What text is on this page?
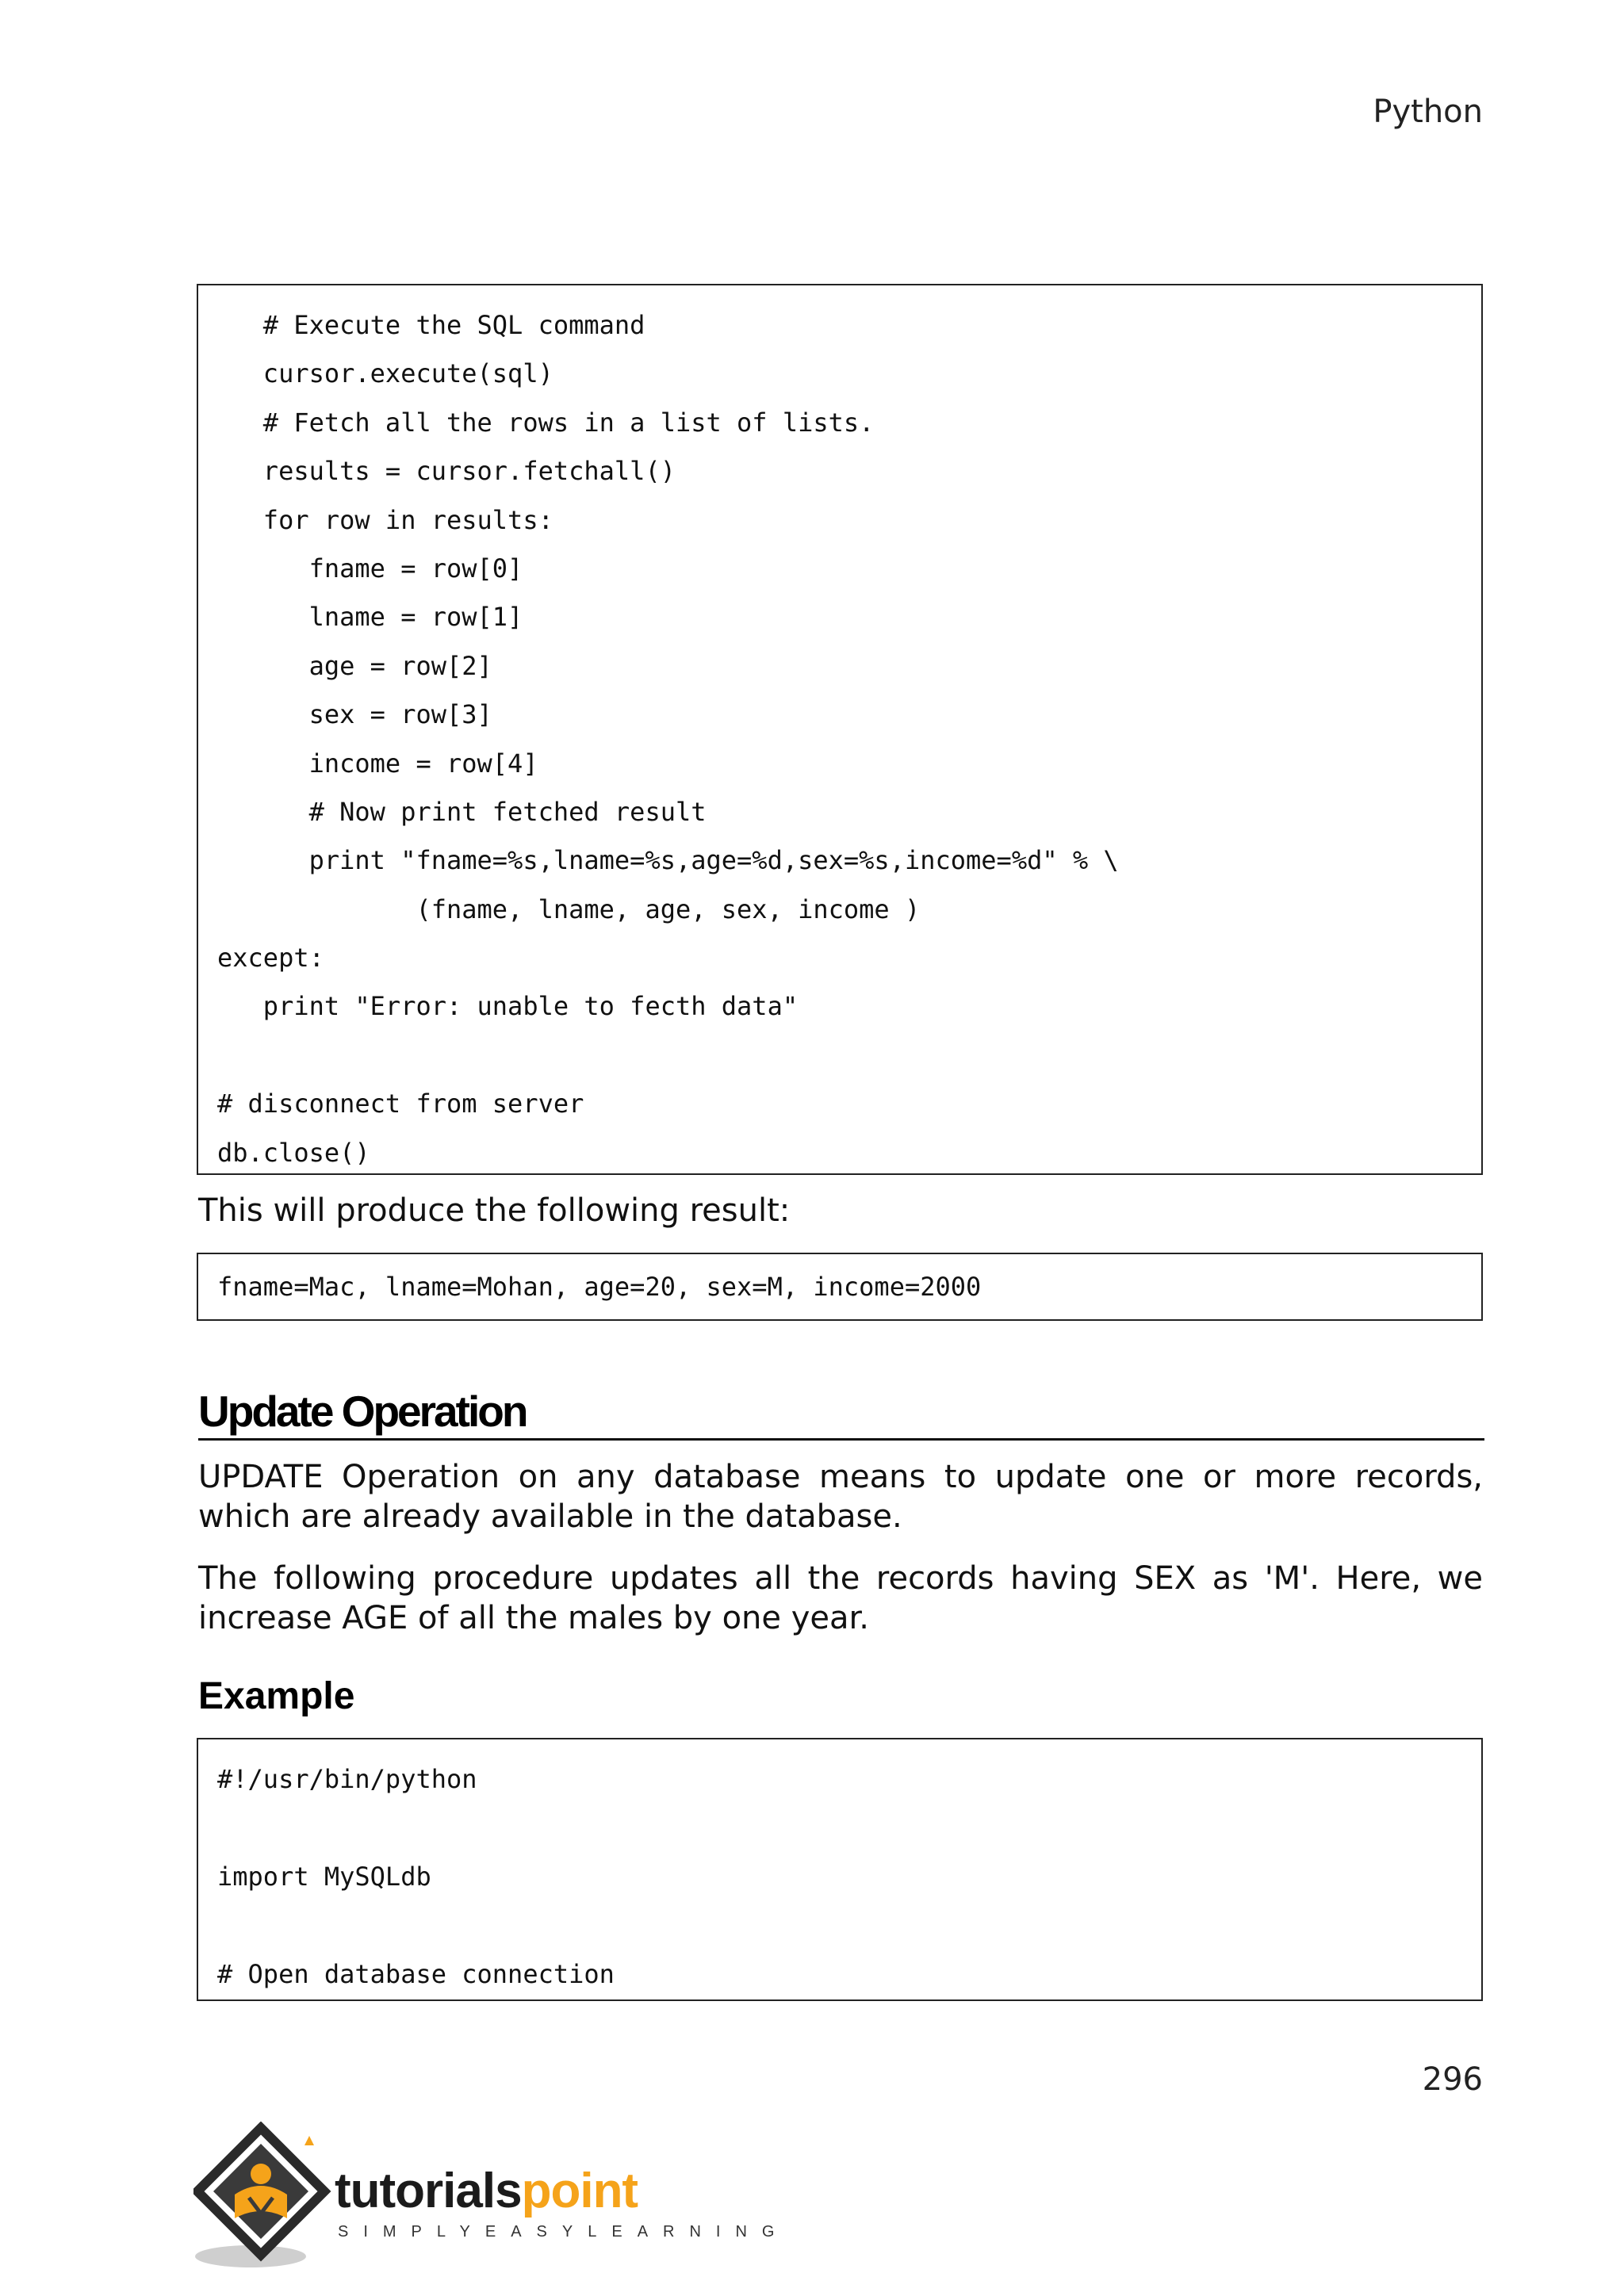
Python
# Execute the SQL command
cursor.execute(sql)
# Fetch all the rows in a list of lists.
results = cursor.fetchall()
for row in results:
fname = row[0]
lname = row[1]
age = row[2]
sex = row[3]
income = row[4]
# Now print fetched result
print "fname=%s,lname=%s,age=%d,sex=%s,income=%d" % \
(fname, lname, age, sex, income )
except:
print "Error: unable to fecth data"
# disconnect from server
db.close()
This will produce the following result:
fname=Mac, lname=Mohan, age=20, sex=M, income=2000
Update Operation
UPDATE Operation on any database means to update one or more records, which are already available in the database.
The following procedure updates all the records having SEX as 'M'. Here, we increase AGE of all the males by one year.
Example
#!/usr/bin/python
import MySQLdb
# Open database connection
296
tutorialspoint
SIMPLYEASYLEARNING
